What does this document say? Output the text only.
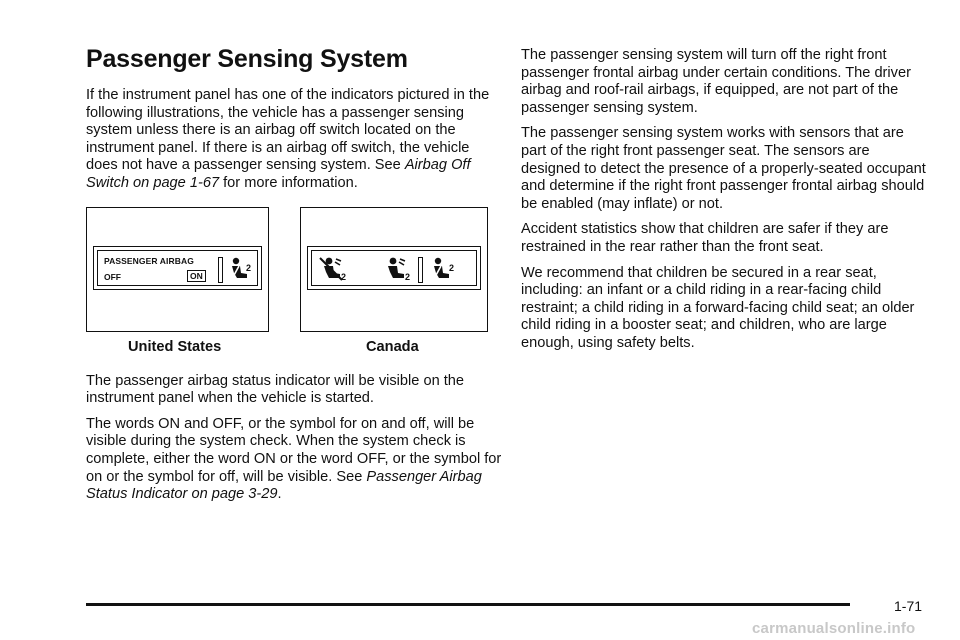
Passenger Sensing System

If the instrument panel has one of the indicators pictured in the following illustrations, the vehicle has a passenger sensing system unless there is an airbag off switch located on the instrument panel. If there is an airbag off switch, the vehicle does not have a passenger sensing system. See Airbag Off Switch on page 1-67 for more information.

PASSENGER AIRBAG
OFF	ON
2
2	2
2
United States	Canada

The passenger airbag status indicator will be visible on the instrument panel when the vehicle is started.

The words ON and OFF, or the symbol for on and off, will be visible during the system check. When the system check is complete, either the word ON or the word OFF, or the symbol for on or the symbol for off, will be visible. See Passenger Airbag Status Indicator on page 3-29.

The passenger sensing system will turn off the right front passenger frontal airbag under certain conditions. The driver airbag and roof-rail airbags, if equipped, are not part of the passenger sensing system.

The passenger sensing system works with sensors that are part of the right front passenger seat. The sensors are designed to detect the presence of a properly-seated occupant and determine if the right front passenger frontal airbag should be enabled (may inflate) or not.

Accident statistics show that children are safer if they are restrained in the rear rather than the front seat.

We recommend that children be secured in a rear seat, including: an infant or a child riding in a rear-facing child restraint; a child riding in a forward-facing child seat; an older child riding in a booster seat; and children, who are large enough, using safety belts.

1-71
carmanualsonline.info
